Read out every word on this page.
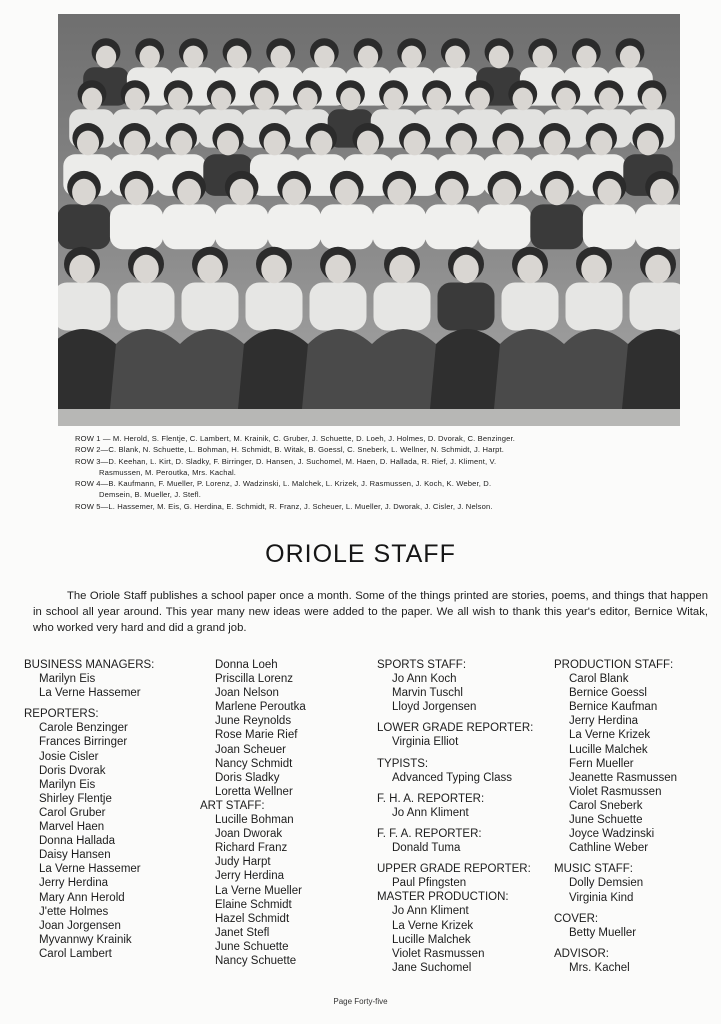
ROW 1 — M. Herold, S. Flentje, C. Lambert, M. Krainik, C. Gruber, J. Schuette, D. Loeh, J. Holmes, D. Dvorak, C. Benzinger.

ROW 2—C. Blank, N. Schuette, L. Bohman, H. Schmidt, B. Witak, B. Goessl, C. Sneberk, L. Wellner, N. Schmidt, J. Harpt.

ROW 3—D. Keehan, L. Kirt, D. Sladky, F. Birringer, D. Hansen, J. Suchomel, M. Haen, D. Hallada, R. Rief, J. Kliment, V.

Rasmussen, M. Peroutka, Mrs. Kachal.

ROW 4—B. Kaufmann, F. Mueller, P. Lorenz, J. Wadzinski, L. Malchek, L. Krizek, J. Rasmussen, J. Koch, K. Weber, D.

Demsein, B. Mueller, J. Stefl.

ROW 5—L. Hassemer, M. Eis, G. Herdina, E. Schmidt, R. Franz, J. Scheuer, L. Mueller, J. Dworak, J. Cisler, J. Nelson.

ORIOLE STAFF
The Oriole Staff publishes a school paper once a month. Some of the things printed are stories, poems, and things that happen in school all year around. This year many new ideas were added to the paper. We all wish to thank this year's editor, Bernice Witak, who worked very hard and did a grand job.

BUSINESS MANAGERS:

Marilyn Eis

La Verne Hassemer

REPORTERS:

Carole Benzinger

Frances Birringer

Josie Cisler

Doris Dvorak

Marilyn Eis

Shirley Flentje

Carol Gruber

Marvel Haen

Donna Hallada

Daisy Hansen

La Verne Hassemer

Jerry Herdina

Mary Ann Herold

J'ette Holmes

Joan Jorgensen

Myvannwy Krainik

Carol Lambert

Donna Loeh

Priscilla Lorenz

Joan Nelson

Marlene Peroutka

June Reynolds

Rose Marie Rief

Joan Scheuer

Nancy Schmidt

Doris Sladky

Loretta Wellner

ART STAFF:

Lucille Bohman

Joan Dworak

Richard Franz

Judy Harpt

Jerry Herdina

La Verne Mueller

Elaine Schmidt

Hazel Schmidt

Janet Stefl

June Schuette

Nancy Schuette

SPORTS STAFF:

Jo Ann Koch

Marvin Tuschl

Lloyd Jorgensen

LOWER GRADE REPORTER:

Virginia Elliot

TYPISTS:

Advanced Typing Class

F. H. A. REPORTER:

Jo Ann Kliment

F. F. A. REPORTER:

Donald Tuma

UPPER GRADE REPORTER:

Paul Pfingsten

MASTER PRODUCTION:

Jo Ann Kliment

La Verne Krizek

Lucille Malchek

Violet Rasmussen

Jane Suchomel

PRODUCTION STAFF:

Carol Blank

Bernice Goessl

Bernice Kaufman

Jerry Herdina

La Verne Krizek

Lucille Malchek

Fern Mueller

Jeanette Rasmussen

Violet Rasmussen

Carol Sneberk

June Schuette

Joyce Wadzinski

Cathline Weber

MUSIC STAFF:

Dolly Demsien

Virginia Kind

COVER:

Betty Mueller

ADVISOR:

Mrs. Kachel

Page Forty-five
